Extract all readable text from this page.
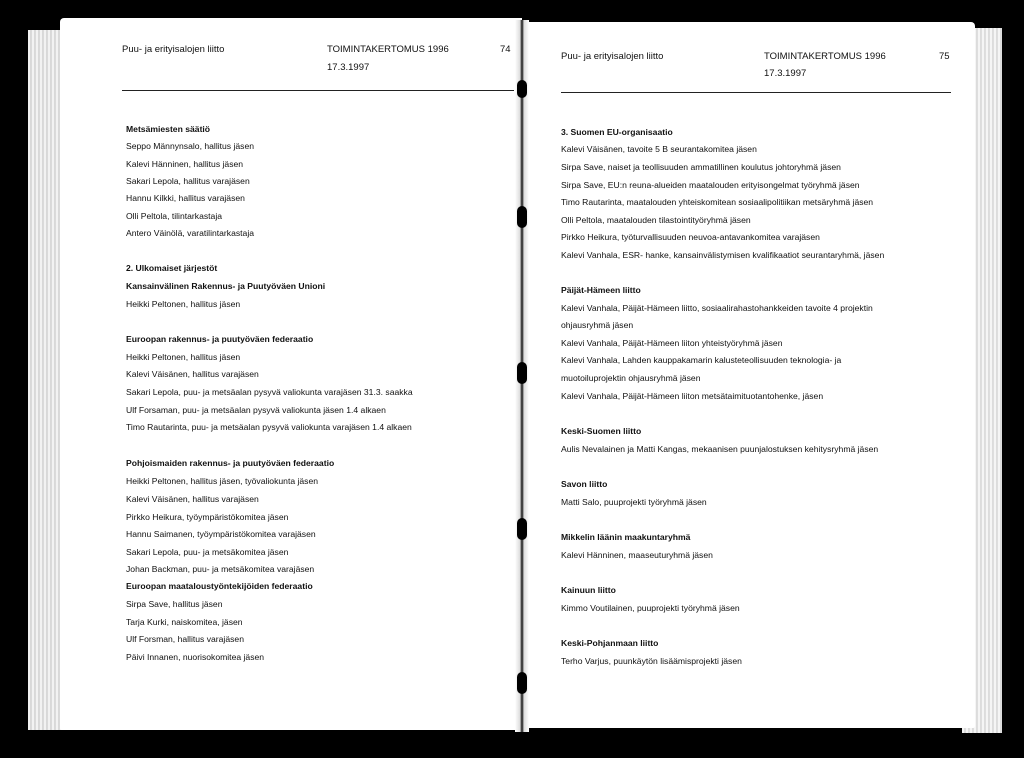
Puu- ja erityisalojen liitto	TOIMINTAKERTOMUS 1996
17.3.1997
74
Puu- ja erityisalojen liitto	TOIMINTAKERTOMUS 1996
17.3.1997
75
Metsämiesten säätiö
Seppo Männynsalo, hallitus jäsen
Kalevi Hänninen, hallitus jäsen
Sakari Lepola, hallitus varajäsen
Hannu Kilkki, hallitus varajäsen
Olli Peltola, tilintarkastaja
Antero Väinölä, varatilintarkastaja
2. Ulkomaiset järjestöt
Kansainvälinen Rakennus- ja Puutyöväen Unioni
Heikki Peltonen, hallitus jäsen
Euroopan rakennus- ja puutyöväen federaatio
Heikki Peltonen, hallitus jäsen
Kalevi Väisänen, hallitus varajäsen
Sakari Lepola, puu- ja metsäalan pysyvä valiokunta varajäsen 31.3. saakka
Ulf Forsaman, puu- ja metsäalan pysyvä valiokunta jäsen 1.4 alkaen
Timo Rautarinta, puu- ja metsäalan pysyvä valiokunta varajäsen 1.4 alkaen
Pohjoismaiden rakennus- ja puutyöväen federaatio
Heikki Peltonen, hallitus jäsen, työvaliokunta jäsen
Kalevi Väisänen, hallitus varajäsen
Pirkko Heikura, työympäristökomitea jäsen
Hannu Saimanen, työympäristökomitea varajäsen
Sakari Lepola, puu- ja metsäkomitea jäsen
Johan Backman, puu- ja metsäkomitea varajäsen
Euroopan maataloustyöntekijöiden federaatio
Sirpa Save, hallitus jäsen
Tarja Kurki, naiskomitea, jäsen
Ulf Forsman, hallitus varajäsen
Päivi Innanen, nuorisokomitea jäsen
3. Suomen EU-organisaatio
Kalevi Väisänen, tavoite 5 B seurantakomitea jäsen
Sirpa Save, naiset ja teollisuuden ammatillinen koulutus johtoryhmä jäsen
Sirpa Save, EU:n reuna-alueiden maatalouden erityisongelmat työryhmä jäsen
Timo Rautarinta, maatalouden yhteiskomitean sosiaalipolitiikan metsäryhmä jäsen
Olli Peltola, maatalouden tilastointityöryhmä jäsen
Pirkko Heikura, työturvallisuuden neuvoa-antavankomitea varajäsen
Kalevi Vanhala, ESR- hanke, kansainvälistymisen kvalifikaatiot seurantaryhmä, jäsen
Päijät-Hämeen liitto
Kalevi Vanhala, Päijät-Hämeen liitto, sosiaalirahastohankkeiden tavoite 4 projektin
ohjausryhmä jäsen
Kalevi Vanhala, Päijät-Hämeen liiton yhteistyöryhmä jäsen
Kalevi Vanhala, Lahden kauppakamarin kalusteteollisuuden teknologia- ja
muotoiluprojektin ohjausryhmä jäsen
Kalevi Vanhala, Päijät-Hämeen liiton metsätaimituotantohenke, jäsen
Keski-Suomen liitto
Aulis Nevalainen ja Matti Kangas, mekaanisen puunjalostuksen kehitysryhmä jäsen
Savon liitto
Matti Salo, puuprojekti työryhmä jäsen
Mikkelin läänin maakuntaryhmä
Kalevi Hänninen, maaseuturyhmä jäsen
Kainuun liitto
Kimmo Voutilainen, puuprojekti työryhmä jäsen
Keski-Pohjanmaan liitto
Terho Varjus, puunkäytön lisäämisprojekti jäsen
